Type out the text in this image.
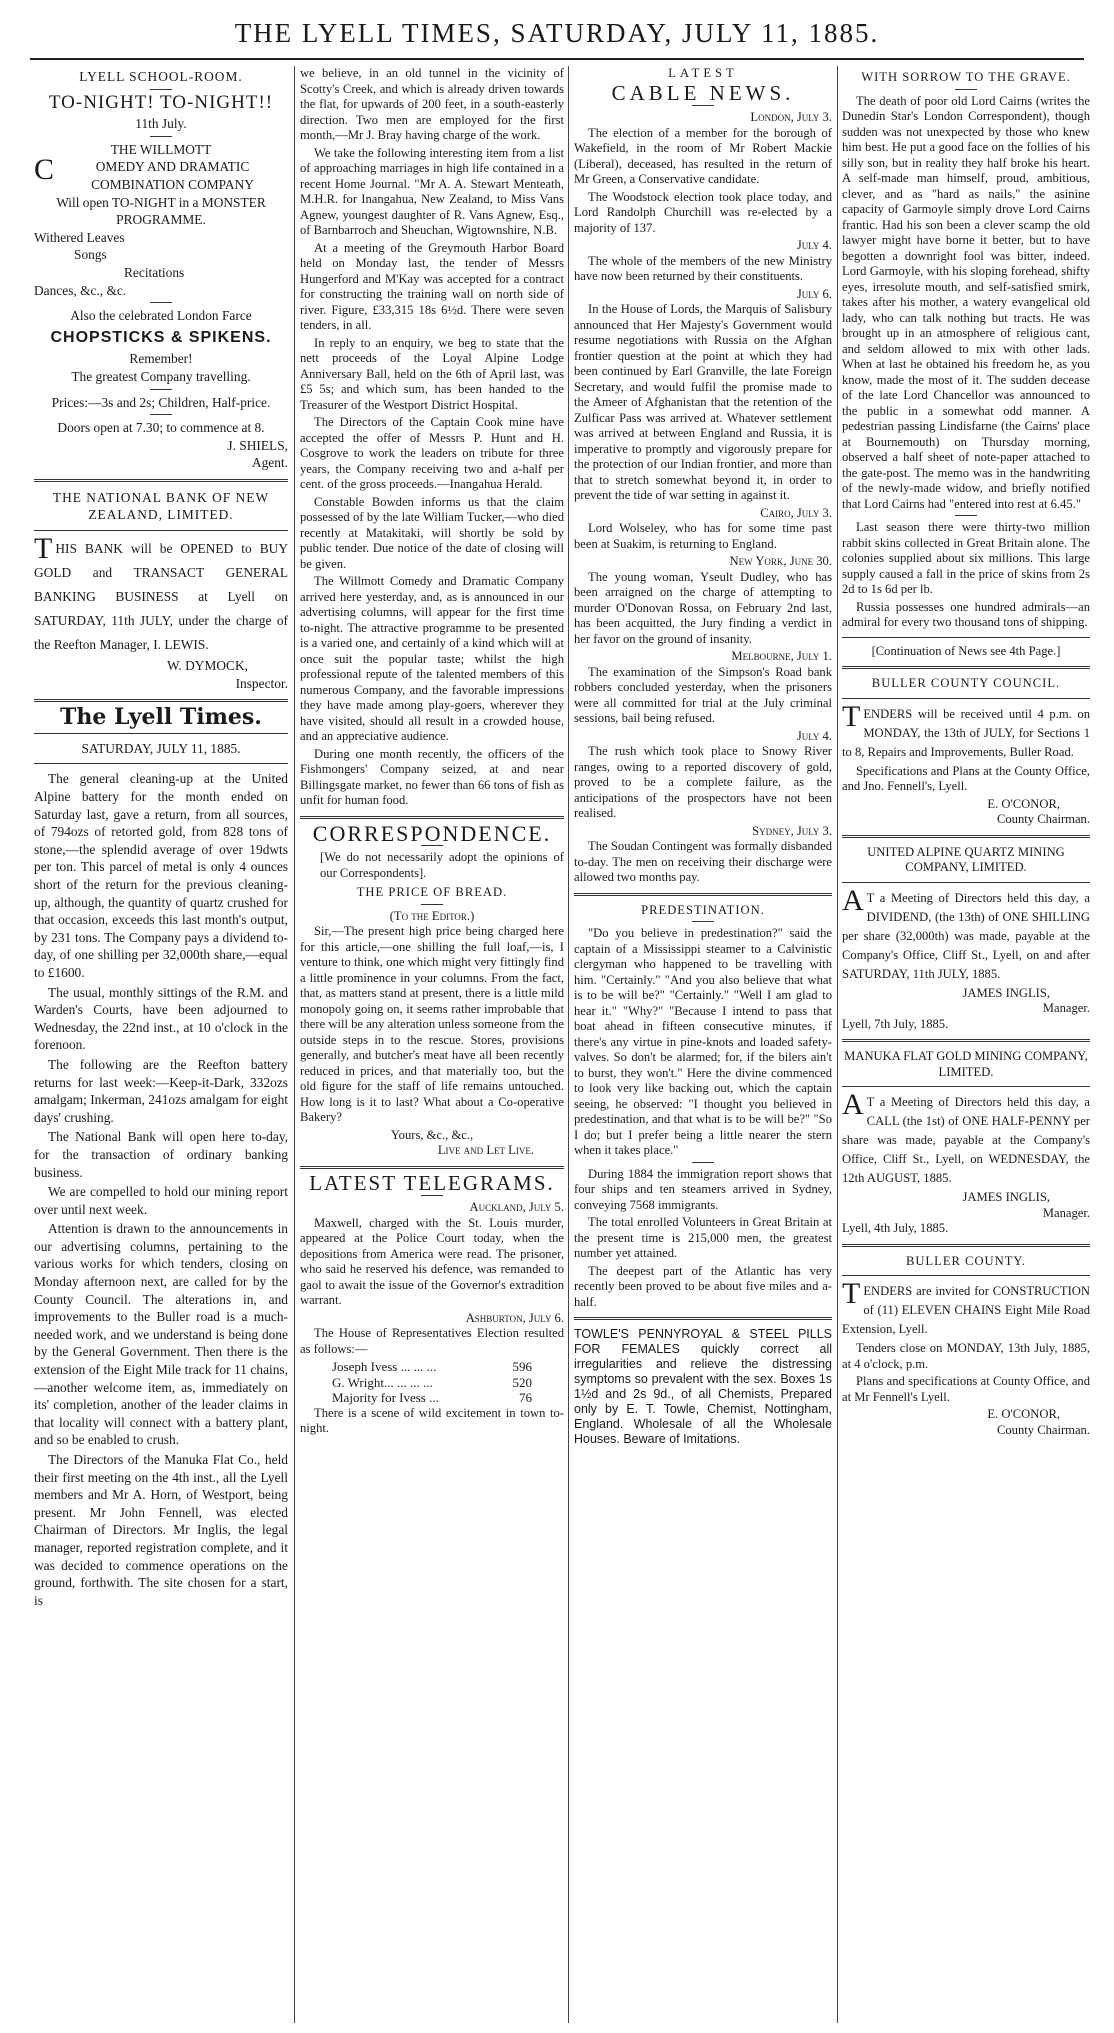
THE LYELL TIMES, SATURDAY, JULY 11, 1885.
LYELL SCHOOL-ROOM.
TO-NIGHT! TO-NIGHT!!
11th July.
THE WILLMOTT
COMEDY AND DRAMATIC COMBINATION COMPANY
Will open TO-NIGHT in a MONSTER PROGRAMME.
Withered Leaves
Songs
Recitations
Dances, &c., &c.
Also the celebrated London Farce
CHOPSTICKS & SPIKENS.
Remember!
The greatest Company travelling.
Prices:—3s and 2s; Children, Half-price.
Doors open at 7.30; to commence at 8.
J. SHIELS,
Agent.
THE NATIONAL BANK OF NEW ZEALAND, LIMITED.
THIS BANK will be OPENED to BUY GOLD and TRANSACT GENERAL BANKING BUSINESS at Lyell on SATURDAY, 11th JULY, under the charge of the Reefton Manager, I. LEWIS.
W. DYMOCK,
Inspector.
The Lyell Times.
SATURDAY, JULY 11, 1885.

The general cleaning-up at the United Alpine battery for the month ended on Saturday last, gave a return, from all sources, of 794ozs of retorted gold, from 828 tons of stone,—the splendid average of over 19dwts per ton. This parcel of metal is only 4 ounces short of the return for the previous cleaning-up, although, the quantity of quartz crushed for that occasion, exceeds this last month's output, by 231 tons. The Company pays a dividend to-day, of one shilling per 32,000th share,—equal to £1600.

The usual, monthly sittings of the R.M. and Warden's Courts, have been adjourned to Wednesday, the 22nd inst., at 10 o'clock in the forenoon.

The following are the Reefton battery returns for last week:—Keep-it-Dark, 332ozs amalgam; Inkerman, 241ozs amalgam for eight days' crushing.

The National Bank will open here to-day, for the transaction of ordinary banking business.

We are compelled to hold our mining report over until next week.

Attention is drawn to the announcements in our advertising columns, pertaining to the various works for which tenders, closing on Monday afternoon next, are called for by the County Council. The alterations in, and improvements to the Buller road is a much-needed work, and we understand is being done by the General Government. Then there is the extension of the Eight Mile track for 11 chains,—another welcome item, as, immediately on its' completion, another of the leader claims in that locality will connect with a battery plant, and so be enabled to crush.

The Directors of the Manuka Flat Co., held their first meeting on the 4th inst., all the Lyell members and Mr A. Horn, of Westport, being present. Mr John Fennell, was elected Chairman of Directors. Mr Inglis, the legal manager, reported registration complete, and it was decided to commence operations on the ground, forthwith. The site chosen for a start, is

we believe, in an old tunnel in the vicinity of Scotty's Creek, and which is already driven towards the flat, for upwards of 200 feet, in a south-easterly direction. Two men are employed for the first month,—Mr J. Bray having charge of the work.

We take the following interesting item from a list of approaching marriages in high life contained in a recent Home Journal. "Mr A. A. Stewart Menteath, M.H.R. for Inangahua, New Zealand, to Miss Vans Agnew, youngest daughter of R. Vans Agnew, Esq., of Barnbarroch and Sheuchan, Wigtownshire, N.B.

At a meeting of the Greymouth Harbor Board held on Monday last, the tender of Messrs Hungerford and M'Kay was accepted for a contract for constructing the training wall on north side of river. Figure, £33,315 18s 6½d. There were seven tenders, in all.

In reply to an enquiry, we beg to state that the nett proceeds of the Loyal Alpine Lodge Anniversary Ball, held on the 6th of April last, was £5 5s; and which sum, has been handed to the Treasurer of the Westport District Hospital.

The Directors of the Captain Cook mine have accepted the offer of Messrs P. Hunt and H. Cosgrove to work the leaders on tribute for three years, the Company receiving two and a-half per cent. of the gross proceeds.—Inangahua Herald.

Constable Bowden informs us that the claim possessed of by the late William Tucker,—who died recently at Matakitaki, will shortly be sold by public tender. Due notice of the date of closing will be given.

The Willmott Comedy and Dramatic Company arrived here yesterday, and, as is announced in our advertising columns, will appear for the first time to-night. The attractive programme to be presented is a varied one, and certainly of a kind which will at once suit the popular taste; whilst the high professional repute of the talented members of this numerous Company, and the favorable impressions they have made among play-goers, wherever they have visited, should all result in a crowded house, and an appreciative audience.

During one month recently, the officers of the Fishmongers' Company seized, at and near Billingsgate market, no fewer than 66 tons of fish as unfit for human food.

CORRESPONDENCE.
[We do not necessarily adopt the opinions of our Correspondents].
THE PRICE OF BREAD.
(To the Editor.)

Sir,—The present high price being charged here for this article,—one shilling the full loaf,—is, I venture to think, one which might very fittingly find a little prominence in your columns. From the fact, that, as matters stand at present, there is a little mild monopoly going on, it seems rather improbable that there will be any alteration unless someone from the outside steps in to the rescue. Stores, provisions generally, and butcher's meat have all been recently reduced in prices, and that materially too, but the old figure for the staff of life remains untouched. How long is it to last? What about a Co-operative Bakery?

Yours, &c., &c.,
Live and Let Live.
LATEST TELEGRAMS.
Auckland, July 5.

Maxwell, charged with the St. Louis murder, appeared at the Police Court today, when the depositions from America were read. The prisoner, who said he reserved his defence, was remanded to gaol to await the issue of the Governor's extradition warrant.

Ashburton, July 6.

The House of Representatives Election resulted as follows:—

Joseph Ivess ... ... ...	596
G. Wright... ... ... ...	520
Majority for Ivess ...	76

There is a scene of wild excitement in town to-night.

LATEST
CABLE NEWS.
London, July 3.

The election of a member for the borough of Wakefield, in the room of Mr Robert Mackie (Liberal), deceased, has resulted in the return of Mr Green, a Conservative candidate.

The Woodstock election took place today, and Lord Randolph Churchill was re-elected by a majority of 137.

July 4.

The whole of the members of the new Ministry have now been returned by their constituents.

July 6.

In the House of Lords, the Marquis of Salisbury announced that Her Majesty's Government would resume negotiations with Russia on the Afghan frontier question at the point at which they had been continued by Earl Granville, the late Foreign Secretary, and would fulfil the promise made to the Ameer of Afghanistan that the retention of the Zulficar Pass was arrived at. Whatever settlement was arrived at between England and Russia, it is imperative to promptly and vigorously prepare for the protection of our Indian frontier, and more than that to stretch somewhat beyond it, in order to prevent the tide of war setting in against it.

Cairo, July 3.

Lord Wolseley, who has for some time past been at Suakim, is returning to England.

New York, June 30.

The young woman, Yseult Dudley, who has been arraigned on the charge of attempting to murder O'Donovan Rossa, on February 2nd last, has been acquitted, the Jury finding a verdict in her favor on the ground of insanity.

Melbourne, July 1.

The examination of the Simpson's Road bank robbers concluded yesterday, when the prisoners were all committed for trial at the July criminal sessions, bail being refused.

July 4.

The rush which took place to Snowy River ranges, owing to a reported discovery of gold, proved to be a complete failure, as the anticipations of the prospectors have not been realised.

Sydney, July 3.

The Soudan Contingent was formally disbanded to-day. The men on receiving their discharge were allowed two months pay.

PREDESTINATION.

"Do you believe in predestination?" said the captain of a Mississippi steamer to a Calvinistic clergyman who happened to be travelling with him. "Certainly." "And you also believe that what is to be will be?" "Certainly." "Well I am glad to hear it." "Why?" "Because I intend to pass that boat ahead in fifteen consecutive minutes, if there's any virtue in pine-knots and loaded safety-valves. So don't be alarmed; for, if the bilers ain't to burst, they won't." Here the divine commenced to look very like backing out, which the captain seeing, he observed: "I thought you believed in predestination, and that what is to be will be?" "So I do; but I prefer being a little nearer the stern when it takes place."

During 1884 the immigration report shows that four ships and ten steamers arrived in Sydney, conveying 7568 immigrants.

The total enrolled Volunteers in Great Britain at the present time is 215,000 men, the greatest number yet attained.

The deepest part of the Atlantic has very recently been proved to be about five miles and a-half.

TOWLE'S PENNYROYAL & STEEL PILLS FOR FEMALES quickly correct all irregularities and relieve the distressing symptoms so prevalent with the sex. Boxes 1s 1½d and 2s 9d., of all Chemists, Prepared only by E. T. Towle, Chemist, Nottingham, England. Wholesale of all the Wholesale Houses. Beware of Imitations.
WITH SORROW TO THE GRAVE.

The death of poor old Lord Cairns (writes the Dunedin Star's London Correspondent), though sudden was not unexpected by those who knew him best. He put a good face on the follies of his silly son, but in reality they half broke his heart. A self-made man himself, proud, ambitious, clever, and as "hard as nails," the asinine capacity of Garmoyle simply drove Lord Cairns frantic. Had his son been a clever scamp the old lawyer might have borne it better, but to have begotten a downright fool was bitter, indeed. Lord Garmoyle, with his sloping forehead, shifty eyes, irresolute mouth, and self-satisfied smirk, takes after his mother, a watery evangelical old lady, who can talk nothing but tracts. He was brought up in an atmosphere of religious cant, and seldom allowed to mix with other lads. When at last he obtained his freedom he, as you know, made the most of it. The sudden decease of the late Lord Chancellor was announced to the public in a somewhat odd manner. A pedestrian passing Lindisfarne (the Cairns' place at Bournemouth) on Thursday morning, observed a half sheet of note-paper attached to the gate-post. The memo was in the handwriting of the newly-made widow, and briefly notified that Lord Cairns had "entered into rest at 6.45."

Last season there were thirty-two million rabbit skins collected in Great Britain alone. The colonies supplied about six millions. This large supply caused a fall in the price of skins from 2s 2d to 1s 6d per lb.

Russia possesses one hundred admirals—an admiral for every two thousand tons of shipping.

[Continuation of News see 4th Page.]
BULLER COUNTY COUNCIL.

TENDERS will be received until 4 p.m. on MONDAY, the 13th of JULY, for Sections 1 to 8, Repairs and Improvements, Buller Road.

Specifications and Plans at the County Office, and Jno. Fennell's, Lyell.

E. O'CONOR,
County Chairman.
UNITED ALPINE QUARTZ MINING COMPANY, LIMITED.

AT a Meeting of Directors held this day, a DIVIDEND, (the 13th) of ONE SHILLING per share (32,000th) was made, payable at the Company's Office, Cliff St., Lyell, on and after SATURDAY, 11th JULY, 1885.

JAMES INGLIS,
Manager.
Lyell, 7th July, 1885.
MANUKA FLAT GOLD MINING COMPANY, LIMITED.

AT a Meeting of Directors held this day, a CALL (the 1st) of ONE HALF-PENNY per share was made, payable at the Company's Office, Cliff St., Lyell, on WEDNESDAY, the 12th AUGUST, 1885.

JAMES INGLIS,
Manager.
Lyell, 4th July, 1885.
BULLER COUNTY.

TENDERS are invited for CONSTRUCTION of (11) ELEVEN CHAINS Eight Mile Road Extension, Lyell.

Tenders close on MONDAY, 13th July, 1885, at 4 o'clock, p.m.

Plans and specifications at County Office, and at Mr Fennell's Lyell.

E. O'CONOR,
County Chairman.
